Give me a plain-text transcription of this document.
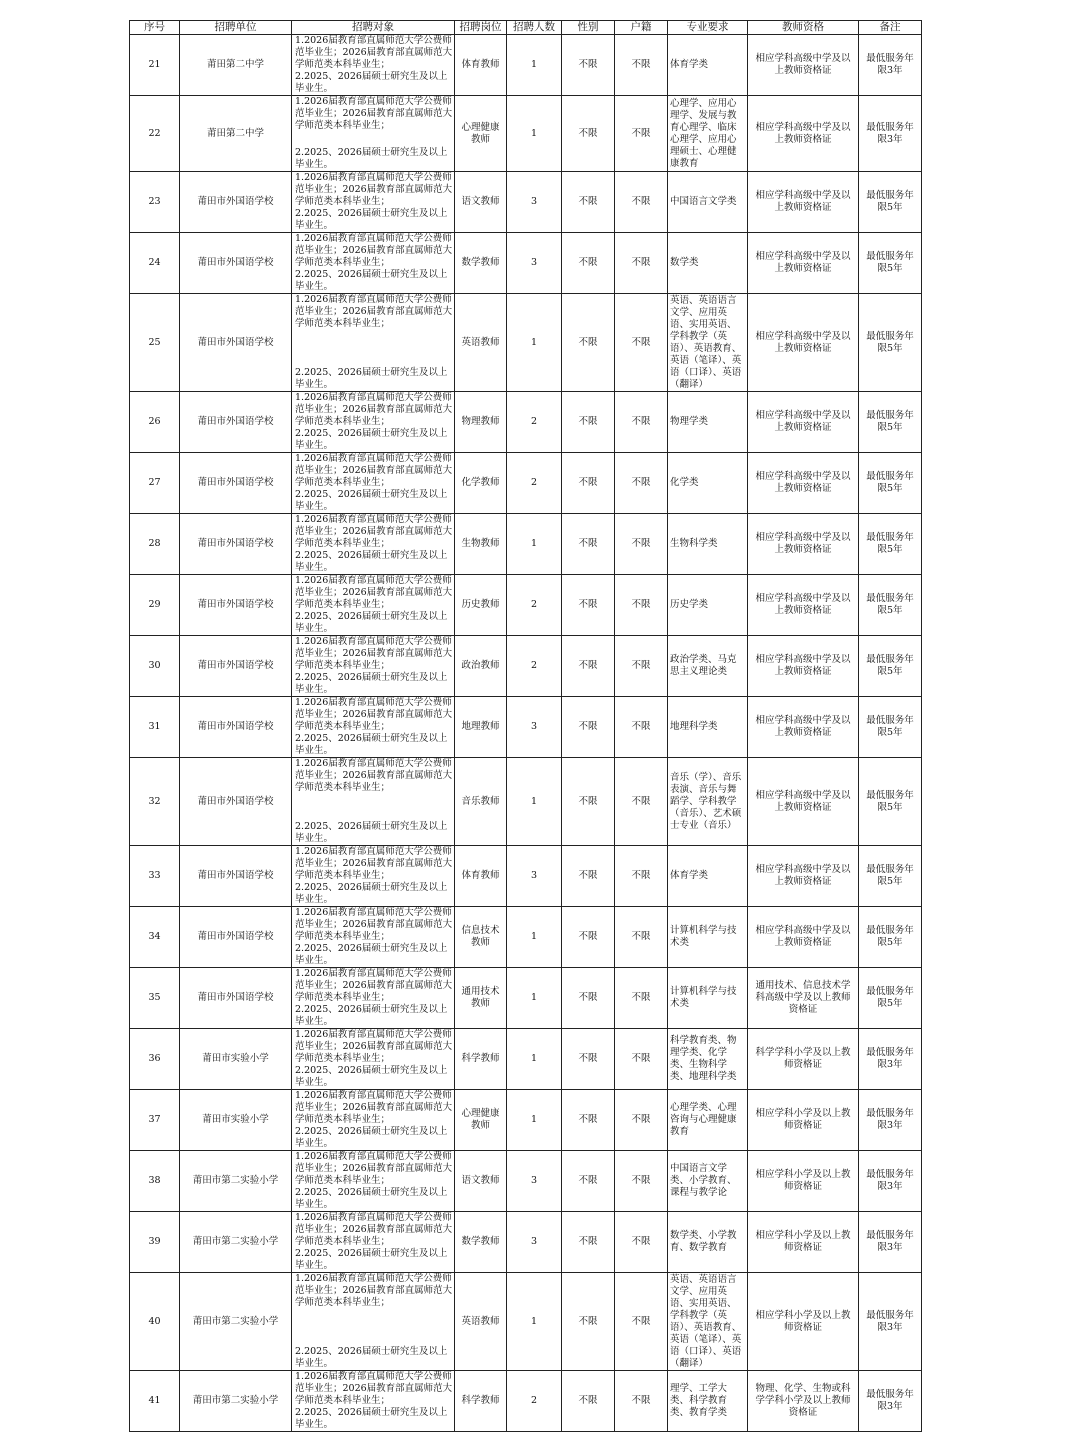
序号	招聘单位	招聘对象	招聘岗位	招聘人数	性别	户籍	专业要求	教师资格	备注
21	莆田第二中学	1.2026届教育部直属师范大学公费师范毕业生；2026届教育部直属师范大学师范类本科毕业生；
2.2025、2026届硕士研究生及以上毕业生。	体育教师	1	不限	不限	体育学类	相应学科高级中学及以上教师资格证	最低服务年限3年
22	莆田第二中学	1.2026届教育部直属师范大学公费师范毕业生；2026届教育部直属师范大学师范类本科毕业生；
2.2025、2026届硕士研究生及以上毕业生。	心理健康教师	1	不限	不限	心理学、应用心理学、发展与教育心理学、临床心理学、应用心理硕士、心理健康教育	相应学科高级中学及以上教师资格证	最低服务年限3年
23	莆田市外国语学校	1.2026届教育部直属师范大学公费师范毕业生；2026届教育部直属师范大学师范类本科毕业生；
2.2025、2026届硕士研究生及以上毕业生。	语文教师	3	不限	不限	中国语言文学类	相应学科高级中学及以上教师资格证	最低服务年限5年
24	莆田市外国语学校	1.2026届教育部直属师范大学公费师范毕业生；2026届教育部直属师范大学师范类本科毕业生；
2.2025、2026届硕士研究生及以上毕业生。	数学教师	3	不限	不限	数学类	相应学科高级中学及以上教师资格证	最低服务年限5年
25	莆田市外国语学校	1.2026届教育部直属师范大学公费师范毕业生；2026届教育部直属师范大学师范类本科毕业生；
2.2025、2026届硕士研究生及以上毕业生。	英语教师	1	不限	不限	英语、英语语言文学、应用英语、实用英语、学科教学（英语）、英语教育、英语（笔译）、英语（口译）、英语（翻译）	相应学科高级中学及以上教师资格证	最低服务年限5年
26	莆田市外国语学校	1.2026届教育部直属师范大学公费师范毕业生；2026届教育部直属师范大学师范类本科毕业生；
2.2025、2026届硕士研究生及以上毕业生。	物理教师	2	不限	不限	物理学类	相应学科高级中学及以上教师资格证	最低服务年限5年
27	莆田市外国语学校	1.2026届教育部直属师范大学公费师范毕业生；2026届教育部直属师范大学师范类本科毕业生；
2.2025、2026届硕士研究生及以上毕业生。	化学教师	2	不限	不限	化学类	相应学科高级中学及以上教师资格证	最低服务年限5年
28	莆田市外国语学校	1.2026届教育部直属师范大学公费师范毕业生；2026届教育部直属师范大学师范类本科毕业生；
2.2025、2026届硕士研究生及以上毕业生。	生物教师	1	不限	不限	生物科学类	相应学科高级中学及以上教师资格证	最低服务年限5年
29	莆田市外国语学校	1.2026届教育部直属师范大学公费师范毕业生；2026届教育部直属师范大学师范类本科毕业生；
2.2025、2026届硕士研究生及以上毕业生。	历史教师	2	不限	不限	历史学类	相应学科高级中学及以上教师资格证	最低服务年限5年
30	莆田市外国语学校	1.2026届教育部直属师范大学公费师范毕业生；2026届教育部直属师范大学师范类本科毕业生；
2.2025、2026届硕士研究生及以上毕业生。	政治教师	2	不限	不限	政治学类、马克思主义理论类	相应学科高级中学及以上教师资格证	最低服务年限5年
31	莆田市外国语学校	1.2026届教育部直属师范大学公费师范毕业生；2026届教育部直属师范大学师范类本科毕业生；
2.2025、2026届硕士研究生及以上毕业生。	地理教师	3	不限	不限	地理科学类	相应学科高级中学及以上教师资格证	最低服务年限5年
32	莆田市外国语学校	1.2026届教育部直属师范大学公费师范毕业生；2026届教育部直属师范大学师范类本科毕业生；
2.2025、2026届硕士研究生及以上毕业生。	音乐教师	1	不限	不限	音乐（学）、音乐表演、音乐与舞蹈学、学科教学（音乐）、艺术硕士专业（音乐）	相应学科高级中学及以上教师资格证	最低服务年限5年
33	莆田市外国语学校	1.2026届教育部直属师范大学公费师范毕业生；2026届教育部直属师范大学师范类本科毕业生；
2.2025、2026届硕士研究生及以上毕业生。	体育教师	3	不限	不限	体育学类	相应学科高级中学及以上教师资格证	最低服务年限5年
34	莆田市外国语学校	1.2026届教育部直属师范大学公费师范毕业生；2026届教育部直属师范大学师范类本科毕业生；
2.2025、2026届硕士研究生及以上毕业生。	信息技术教师	1	不限	不限	计算机科学与技术类	相应学科高级中学及以上教师资格证	最低服务年限5年
35	莆田市外国语学校	1.2026届教育部直属师范大学公费师范毕业生；2026届教育部直属师范大学师范类本科毕业生；
2.2025、2026届硕士研究生及以上毕业生。	通用技术教师	1	不限	不限	计算机科学与技术类	通用技术、信息技术学科高级中学及以上教师资格证	最低服务年限5年
36	莆田市实验小学	1.2026届教育部直属师范大学公费师范毕业生；2026届教育部直属师范大学师范类本科毕业生；
2.2025、2026届硕士研究生及以上毕业生。	科学教师	1	不限	不限	科学教育类、物理学类、化学类、生物科学类、地理科学类	科学学科小学及以上教师资格证	最低服务年限3年
37	莆田市实验小学	1.2026届教育部直属师范大学公费师范毕业生；2026届教育部直属师范大学师范类本科毕业生；
2.2025、2026届硕士研究生及以上毕业生。	心理健康教师	1	不限	不限	心理学类、心理咨询与心理健康教育	相应学科小学及以上教师资格证	最低服务年限3年
38	莆田市第二实验小学	1.2026届教育部直属师范大学公费师范毕业生；2026届教育部直属师范大学师范类本科毕业生；
2.2025、2026届硕士研究生及以上毕业生。	语文教师	3	不限	不限	中国语言文学类、小学教育、课程与教学论	相应学科小学及以上教师资格证	最低服务年限3年
39	莆田市第二实验小学	1.2026届教育部直属师范大学公费师范毕业生；2026届教育部直属师范大学师范类本科毕业生；
2.2025、2026届硕士研究生及以上毕业生。	数学教师	3	不限	不限	数学类、小学教育、数学教育	相应学科小学及以上教师资格证	最低服务年限3年
40	莆田市第二实验小学	1.2026届教育部直属师范大学公费师范毕业生；2026届教育部直属师范大学师范类本科毕业生；
2.2025、2026届硕士研究生及以上毕业生。	英语教师	1	不限	不限	英语、英语语言文学、应用英语、实用英语、学科教学（英语）、英语教育、英语（笔译）、英语（口译）、英语（翻译）	相应学科小学及以上教师资格证	最低服务年限3年
41	莆田市第二实验小学	1.2026届教育部直属师范大学公费师范毕业生；2026届教育部直属师范大学师范类本科毕业生；
2.2025、2026届硕士研究生及以上毕业生。	科学教师	2	不限	不限	理学、工学大类、科学教育类、教育学类	物理、化学、生物或科学学科小学及以上教师资格证	最低服务年限3年
